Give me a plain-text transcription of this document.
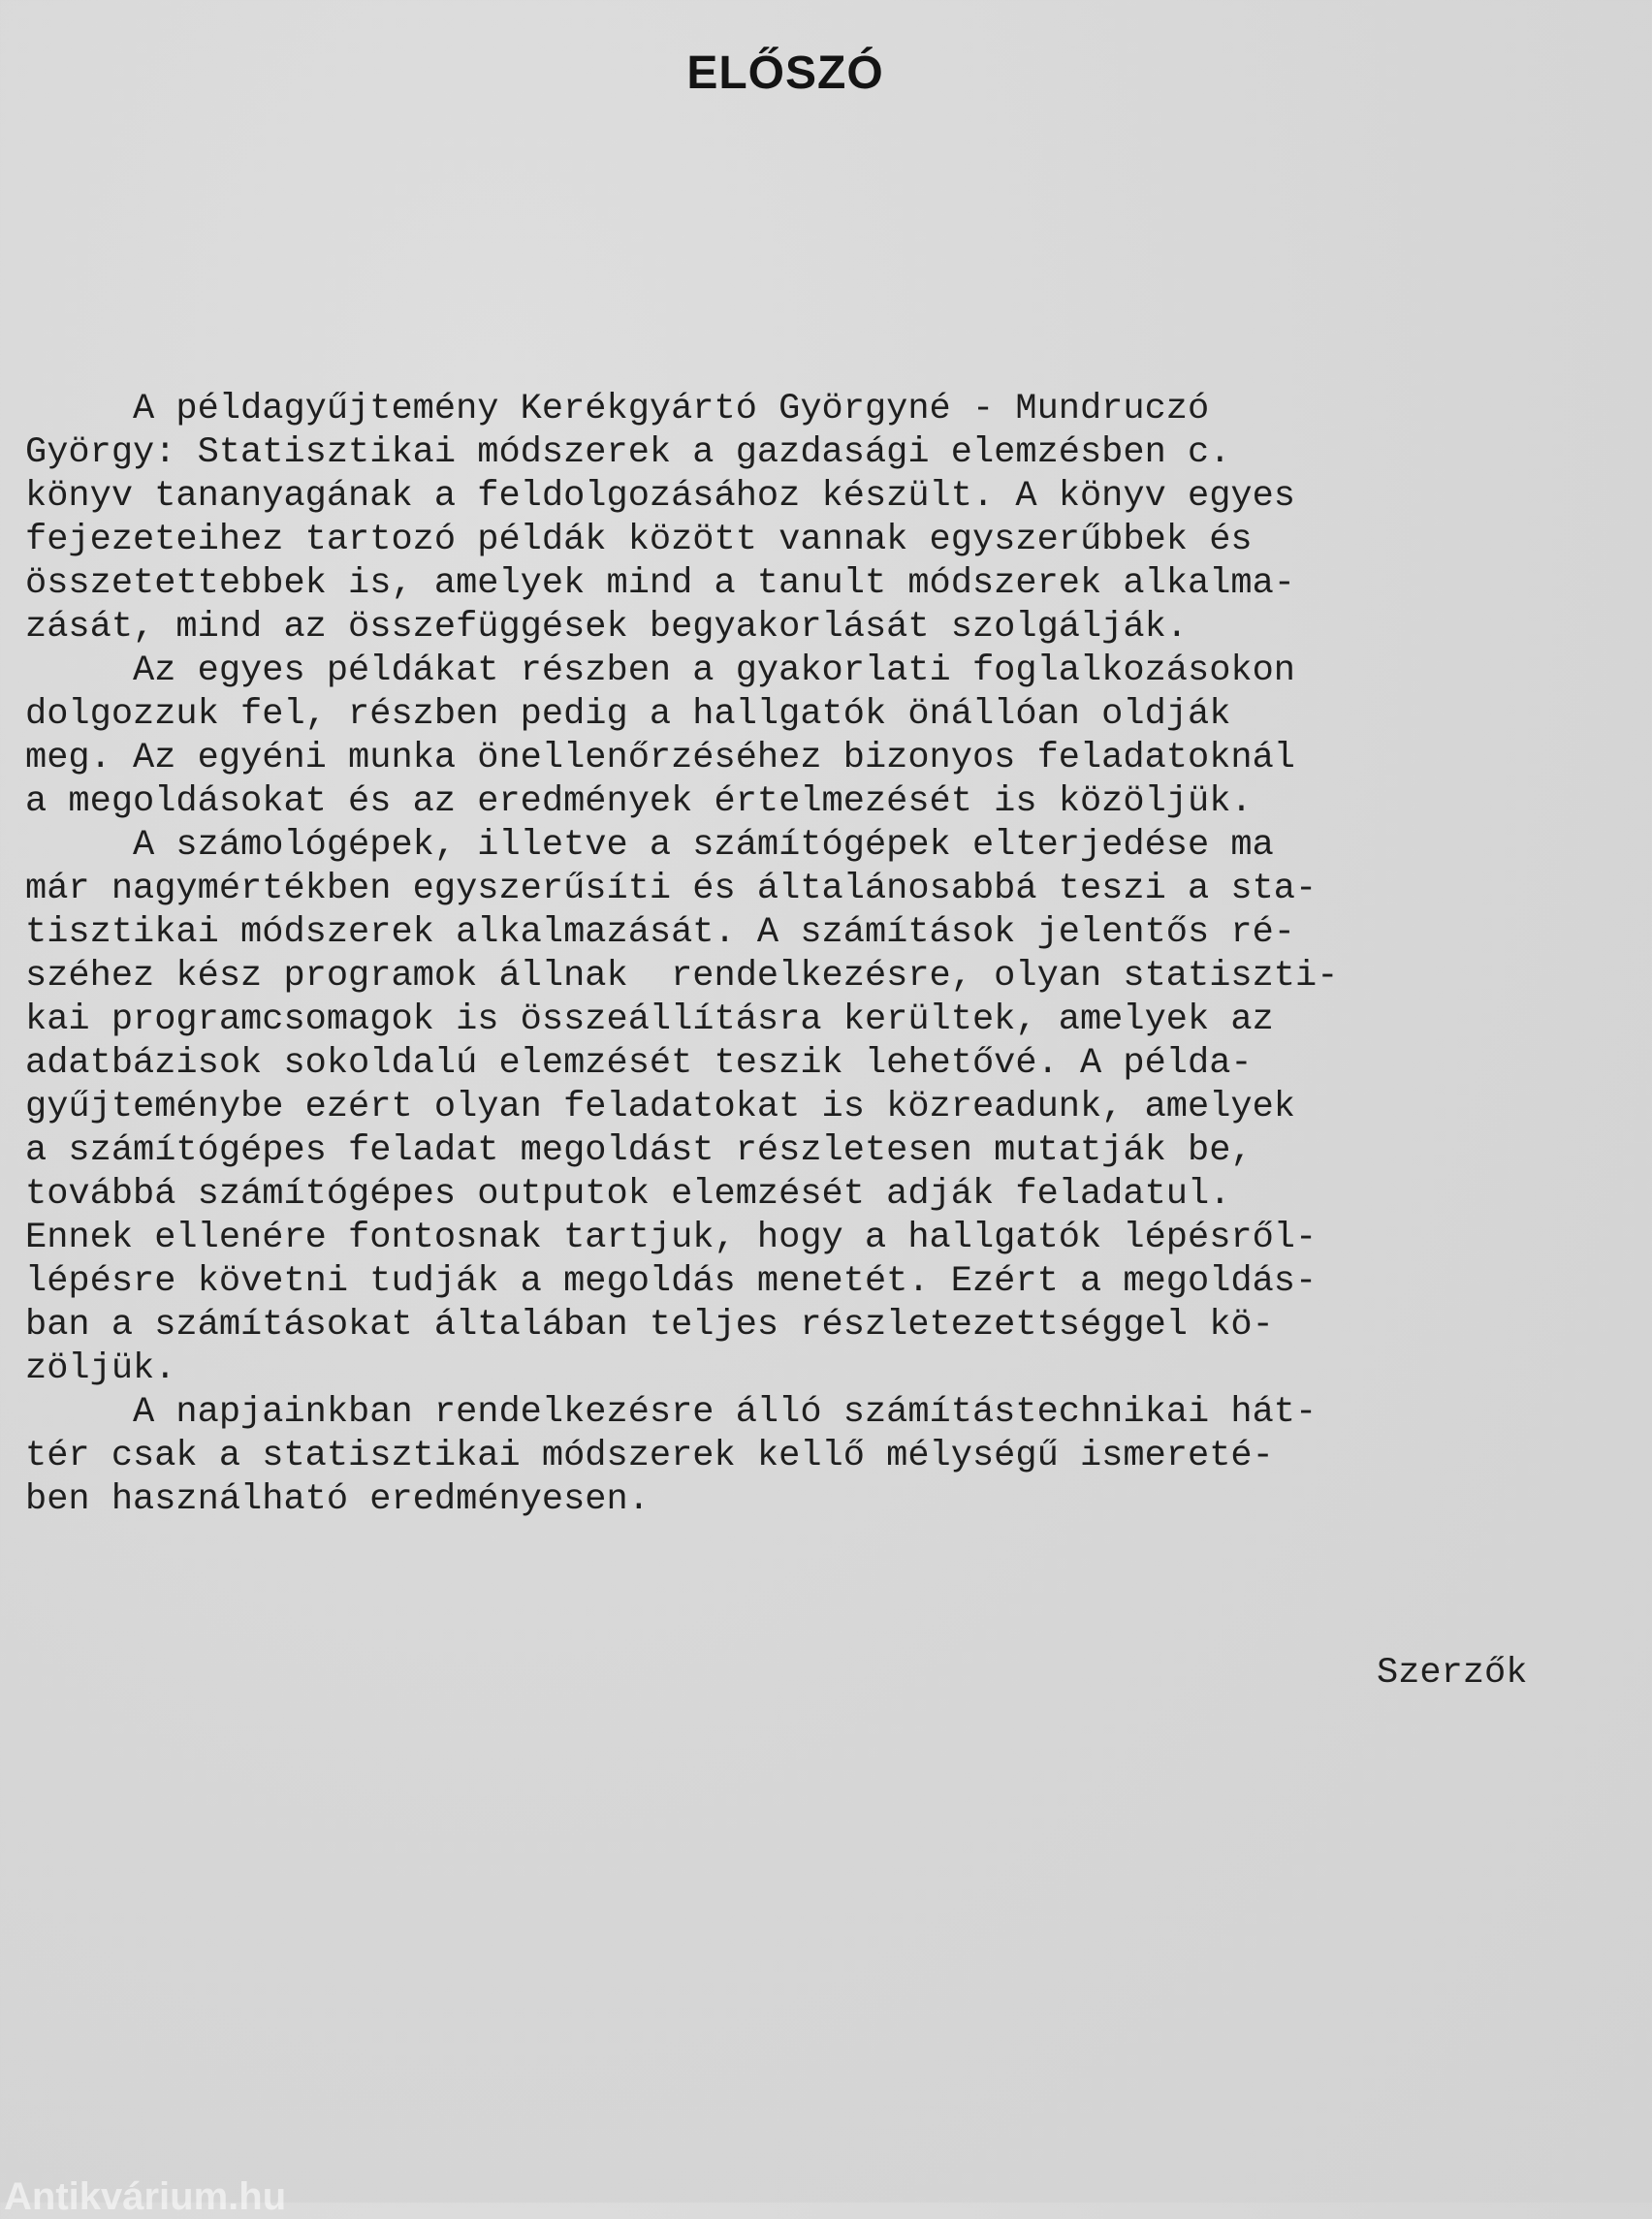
ELŐSZÓ
A példagyűjtemény Kerékgyártó Györgyné - Mundruczó
György: Statisztikai módszerek a gazdasági elemzésben c.
könyv tananyagának a feldolgozásához készült. A könyv egyes
fejezeteihez tartozó példák között vannak egyszerűbbek és
összetettebbek is, amelyek mind a tanult módszerek alkalma-
zását, mind az összefüggések begyakorlását szolgálják.
Az egyes példákat részben a gyakorlati foglalkozásokon
dolgozzuk fel, részben pedig a hallgatók önállóan oldják
meg. Az egyéni munka önellenőrzéséhez bizonyos feladatoknál
a megoldásokat és az eredmények értelmezését is közöljük.
A számológépek, illetve a számítógépek elterjedése ma
már nagymértékben egyszerűsíti és általánosabbá teszi a sta-
tisztikai módszerek alkalmazását. A számítások jelentős ré-
széhez kész programok állnak  rendelkezésre, olyan statiszti-
kai programcsomagok is összeállításra kerültek, amelyek az
adatbázisok sokoldalú elemzését teszik lehetővé. A példa-
gyűjteménybe ezért olyan feladatokat is közreadunk, amelyek
a számítógépes feladat megoldást részletesen mutatják be,
továbbá számítógépes outputok elemzését adják feladatul.
Ennek ellenére fontosnak tartjuk, hogy a hallgatók lépésről-
lépésre követni tudják a megoldás menetét. Ezért a megoldás-
ban a számításokat általában teljes részletezettséggel kö-
zöljük.
A napjainkban rendelkezésre álló számítástechnikai hát-
tér csak a statisztikai módszerek kellő mélységű ismereté-
ben használható eredményesen.
Szerzők
Antikvárium.hu
